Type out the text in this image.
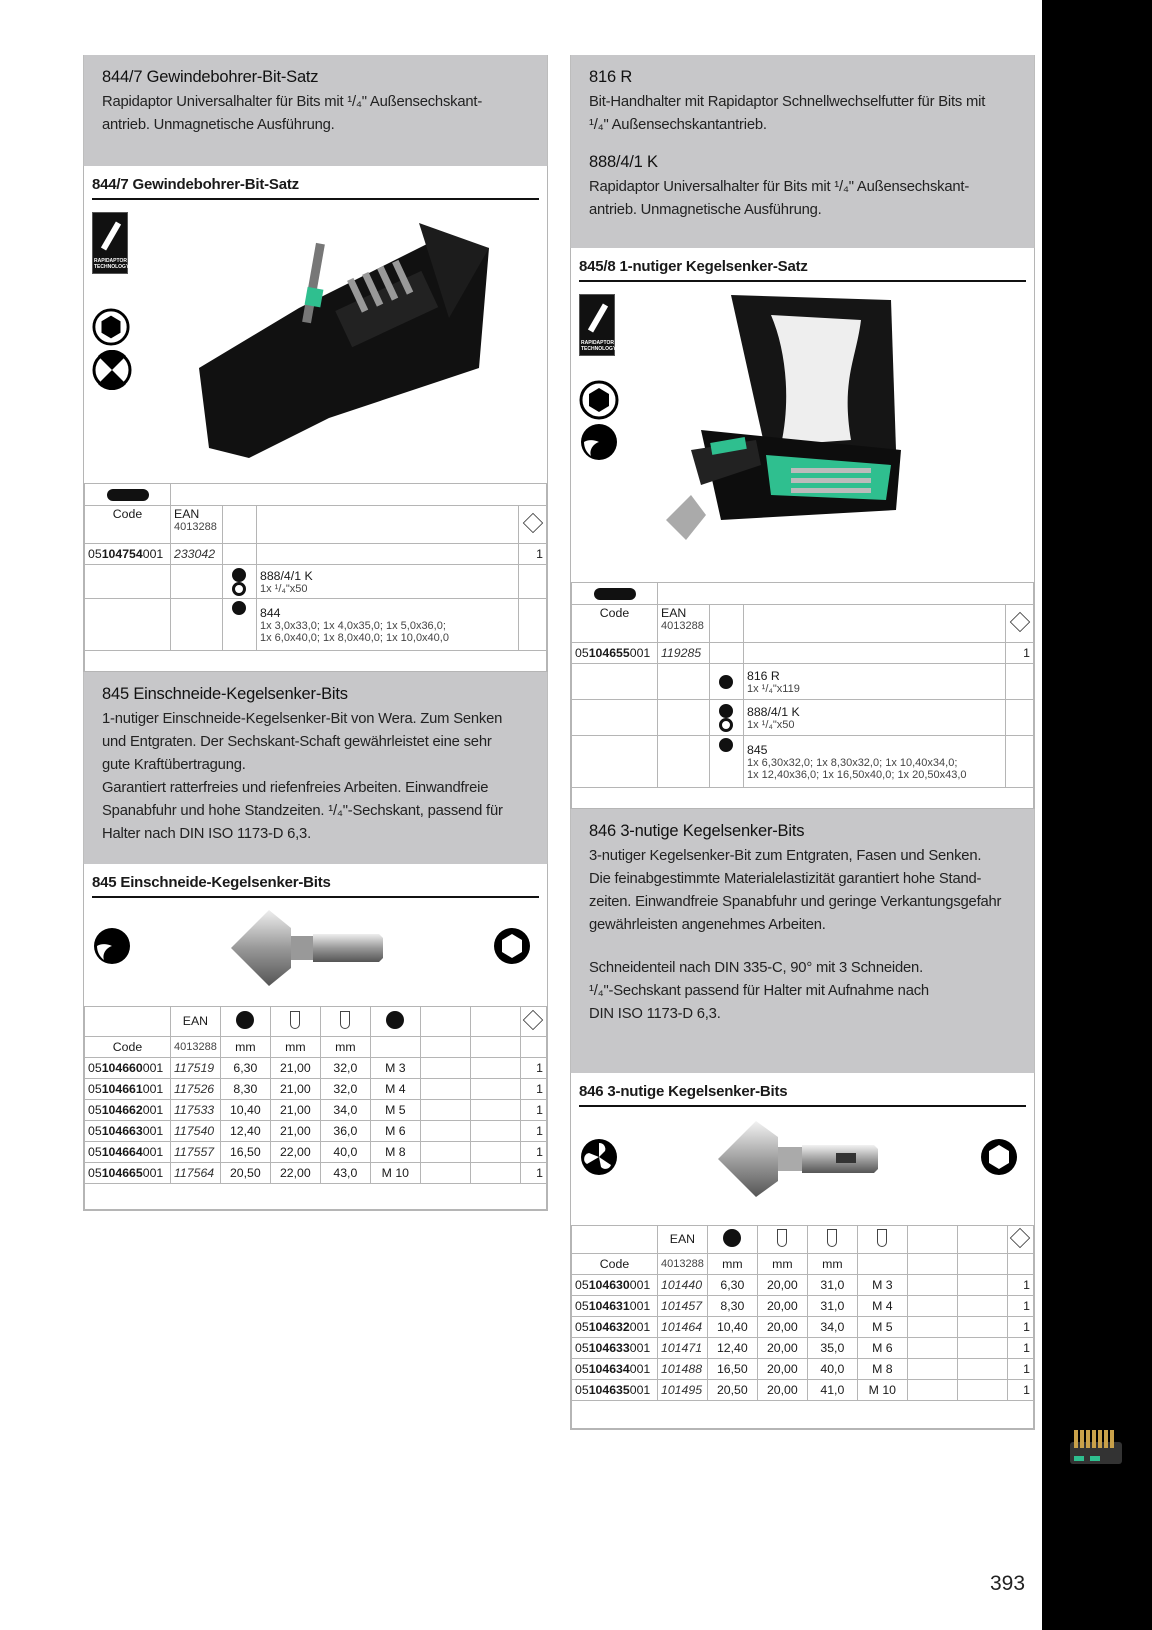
393
844/7 Gewindebohrer-Bit-Satz

Rapidaptor Universalhalter für Bits mit ¹/₄" Außensechskant-

antrieb. Unmagnetische Ausführung.

844/7 Gewindebohrer-Bit-Satz
RAPIDAPTOR TECHNOLOGY

Code	EAN
4013288			

05104754001	233042			1

			888/4/1 K
1x ¹/₄"x50	

			844
1x 3,0x33,0; 1x 4,0x35,0; 1x 5,0x36,0;
1x 6,0x40,0; 1x 8,0x40,0; 1x 10,0x40,0	

845 Einschneide-Kegelsenker-Bits

1-nutiger Einschneide-Kegelsenker-Bit von Wera. Zum Senken

und Entgraten. Der Sechskant-Schaft gewährleistet eine sehr

gute Kraftübertragung.

Garantiert ratterfreies und riefenfreies Arbeiten. Einwandfreie

Spanabfuhr und hohe Standzeiten. ¹/₄"-Sechskant, passend für

Halter nach DIN ISO 1173-D 6,3.

845 Einschneide-Kegelsenker-Bits
	EAN							
Code	4013288	mm	mm	mm				
05104660001	117519	6,30	21,00	32,0	M 3			1
05104661001	117526	8,30	21,00	32,0	M 4			1
05104662001	117533	10,40	21,00	34,0	M 5			1
05104663001	117540	12,40	21,00	36,0	M 6			1
05104664001	117557	16,50	22,00	40,0	M 8			1
05104665001	117564	20,50	22,00	43,0	M 10			1

816 R

Bit-Handhalter mit Rapidaptor Schnellwechselfutter für Bits mit

¹/₄" Außensechskantantrieb.

888/4/1 K

Rapidaptor Universalhalter für Bits mit ¹/₄" Außensechskant-

antrieb. Unmagnetische Ausführung.

845/8 1-nutiger Kegelsenker-Satz
RAPIDAPTOR TECHNOLOGY

Code	EAN
4013288			

05104655001	119285			1

			816 R
1x ¹/₄"x119	

			888/4/1 K
1x ¹/₄"x50	

			845
1x 6,30x32,0; 1x 8,30x32,0; 1x 10,40x34,0;
1x 12,40x36,0; 1x 16,50x40,0; 1x 20,50x43,0	

846 3-nutige Kegelsenker-Bits

3-nutiger Kegelsenker-Bit zum Entgraten, Fasen und Senken.

Die feinabgestimmte Materialelastizität garantiert hohe Stand-

zeiten. Einwandfreie Spanabfuhr und geringe Verkantungsgefahr

gewährleisten angenehmes Arbeiten.

Schneidenteil nach DIN 335-C, 90° mit 3 Schneiden.

¹/₄"-Sechskant passend für Halter mit Aufnahme nach

DIN ISO 1173-D 6,3.

846 3-nutige Kegelsenker-Bits
	EAN							
Code	4013288	mm	mm	mm				
05104630001	101440	6,30	20,00	31,0	M 3			1
05104631001	101457	8,30	20,00	31,0	M 4			1
05104632001	101464	10,40	20,00	34,0	M 5			1
05104633001	101471	12,40	20,00	35,0	M 6			1
05104634001	101488	16,50	20,00	40,0	M 8			1
05104635001	101495	20,50	20,00	41,0	M 10			1
